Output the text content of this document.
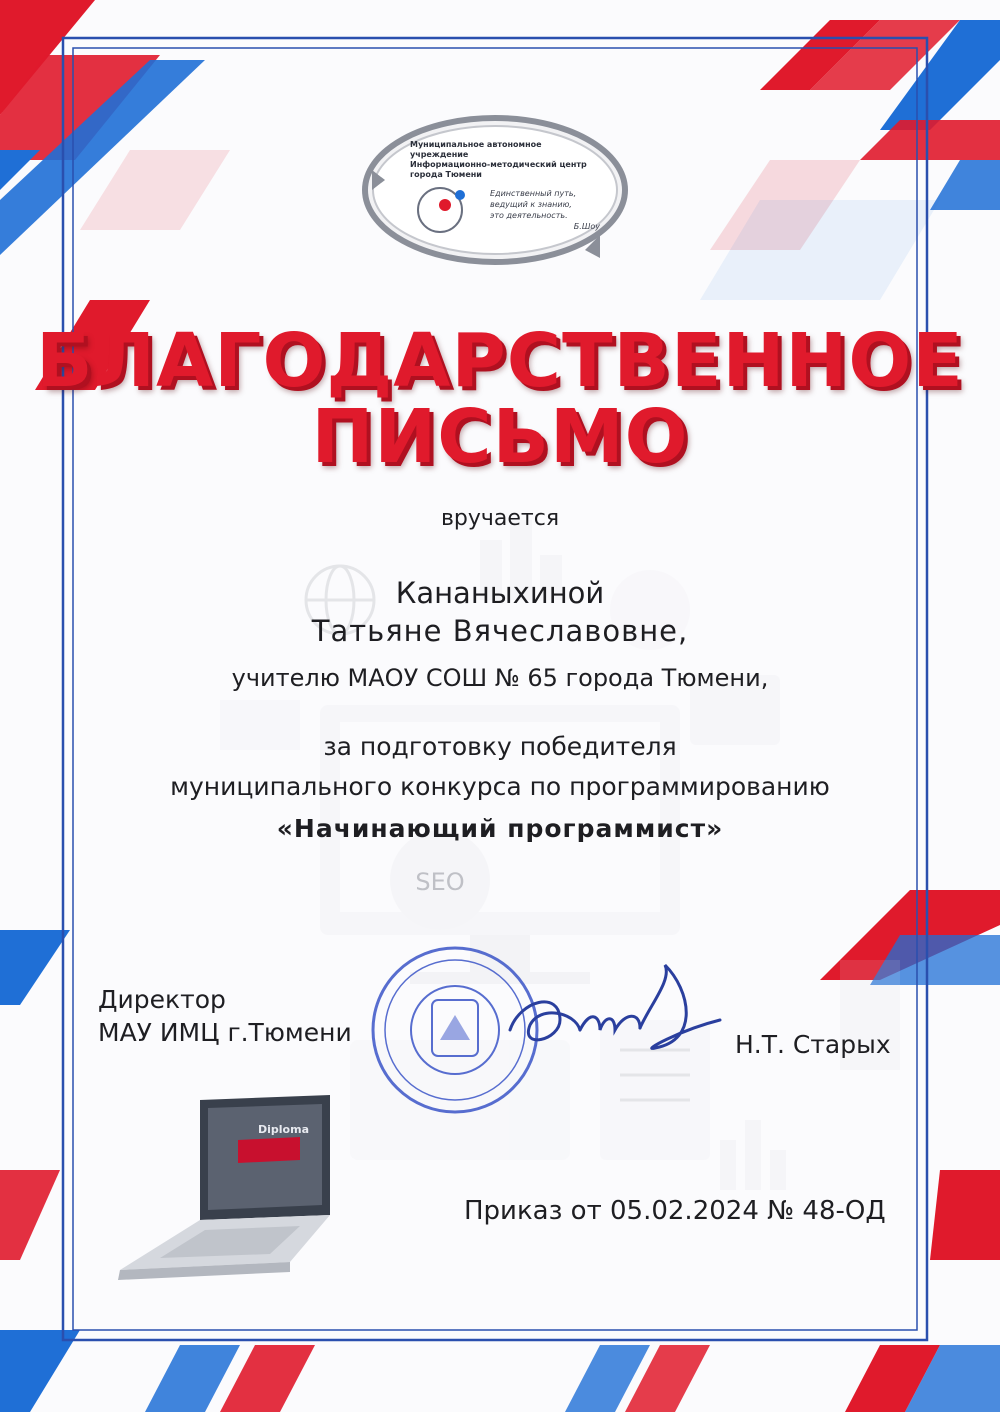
SEO
Diploma
Муниципальное автономное учреждение
Информационно-методический центр
города Тюмени
Единственный путь,
ведущий к знанию,
это деятельность.
Б.Шоу
БЛАГОДАРСТВЕННОЕ
ПИСЬМО
вручается
Кананыхиной
Татьяне Вячеславовне,
учителю МАОУ СОШ № 65 города Тюмени,
за подготовку победителя
муниципального конкурса по программированию
«Начинающий программист»
Директор
МАУ ИМЦ г.Тюмени	Н.Т. Старых
Приказ от 05.02.2024 № 48-ОД
